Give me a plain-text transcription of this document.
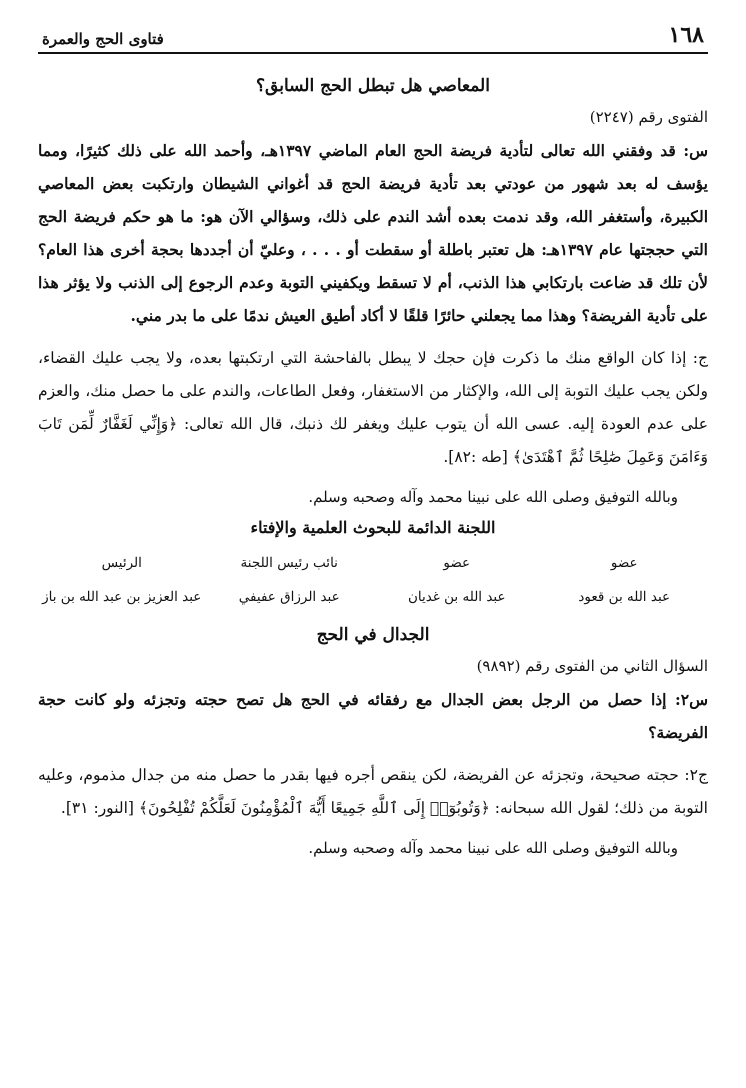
١٦٨
فتاوى الحج والعمرة
المعاصي هل تبطل الحج السابق؟
الفتوى رقم (٢٢٤٧)

س: قد وفقني الله تعالى لتأدية فريضة الحج العام الماضي ١٣٩٧هـ، وأحمد الله على ذلك كثيرًا، ومما يؤسف له بعد شهور من عودتي بعد تأدية فريضة الحج قد أغواني الشيطان وارتكبت بعض المعاصي الكبيرة، وأستغفر الله، وقد ندمت بعده أشد الندم على ذلك، وسؤالي الآن هو: ما هو حكم فريضة الحج التي حججتها عام ١٣٩٧هـ: هل تعتبر باطلة أو سقطت أو . . . ، وعليّ أن أجددها بحجة أخرى هذا العام؟ لأن تلك قد ضاعت بارتكابي هذا الذنب، أم لا تسقط ويكفيني التوبة وعدم الرجوع إلى الذنب ولا يؤثر هذا على تأدية الفريضة؟ وهذا مما يجعلني حائرًا قلقًا لا أكاد أطيق العيش ندمًا على ما بدر مني.

ج: إذا كان الواقع منك ما ذكرت فإن حجك لا يبطل بالفاحشة التي ارتكبتها بعده، ولا يجب عليك القضاء، ولكن يجب عليك التوبة إلى الله، والإكثار من الاستغفار، وفعل الطاعات، والندم على ما حصل منك، والعزم على عدم العودة إليه. عسى الله أن يتوب عليك ويغفر لك ذنبك، قال الله تعالى: ﴿وَإِنِّي لَغَفَّارٌ لِّمَن تَابَ وَءَامَنَ وَعَمِلَ صَٰلِحًا ثُمَّ ٱهْتَدَىٰ﴾ [طه :٨٢].

وبالله التوفيق وصلى الله على نبينا محمد وآله وصحبه وسلم.
اللجنة الدائمة للبحوث العلمية والإفتاء
عضو
عضو
نائب رئيس اللجنة
الرئيس
عبد الله بن قعود
عبد الله بن غديان
عبد الرزاق عفيفي
عبد العزيز بن عبد الله بن باز
الجدال في الحج
السؤال الثاني من الفتوى رقم (٩٨٩٢)

س٢: إذا حصل من الرجل بعض الجدال مع رفقائه في الحج هل تصح حجته وتجزئه ولو كانت حجة الفريضة؟

ج٢: حجته صحيحة، وتجزئه عن الفريضة، لكن ينقص أجره فيها بقدر ما حصل منه من جدال مذموم، وعليه التوبة من ذلك؛ لقول الله سبحانه: ﴿وَتُوبُوٓا۟ إِلَى ٱللَّهِ جَمِيعًا أَيُّهَ ٱلْمُؤْمِنُونَ لَعَلَّكُمْ تُفْلِحُونَ﴾ [النور: ٣١].

وبالله التوفيق وصلى الله على نبينا محمد وآله وصحبه وسلم.
